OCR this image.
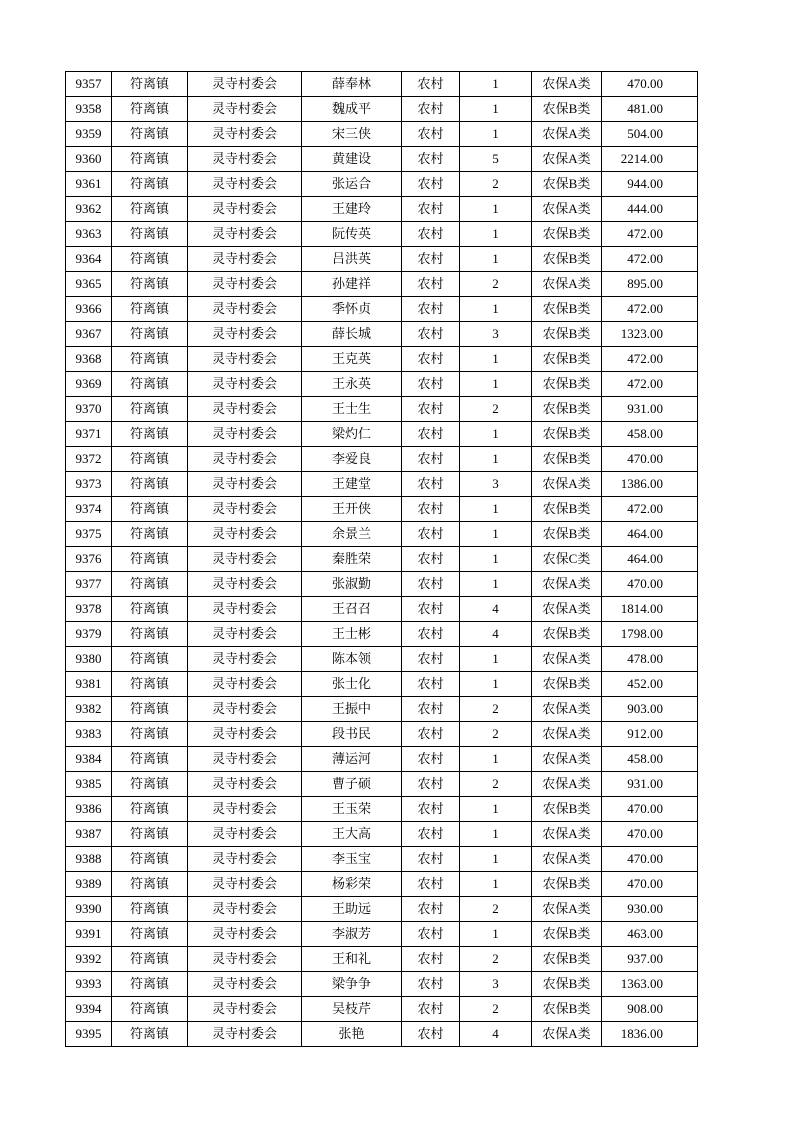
9357	符离镇	灵寺村委会	薛奉林	农村	1	农保A类	470.00
9358	符离镇	灵寺村委会	魏成平	农村	1	农保B类	481.00
9359	符离镇	灵寺村委会	宋三侠	农村	1	农保A类	504.00
9360	符离镇	灵寺村委会	黄建设	农村	5	农保A类	2214.00
9361	符离镇	灵寺村委会	张运合	农村	2	农保B类	944.00
9362	符离镇	灵寺村委会	王建玲	农村	1	农保A类	444.00
9363	符离镇	灵寺村委会	阮传英	农村	1	农保B类	472.00
9364	符离镇	灵寺村委会	吕洪英	农村	1	农保B类	472.00
9365	符离镇	灵寺村委会	孙建祥	农村	2	农保A类	895.00
9366	符离镇	灵寺村委会	季怀贞	农村	1	农保B类	472.00
9367	符离镇	灵寺村委会	薛长城	农村	3	农保B类	1323.00
9368	符离镇	灵寺村委会	王克英	农村	1	农保B类	472.00
9369	符离镇	灵寺村委会	王永英	农村	1	农保B类	472.00
9370	符离镇	灵寺村委会	王士生	农村	2	农保B类	931.00
9371	符离镇	灵寺村委会	梁灼仁	农村	1	农保B类	458.00
9372	符离镇	灵寺村委会	李爱良	农村	1	农保B类	470.00
9373	符离镇	灵寺村委会	王建堂	农村	3	农保A类	1386.00
9374	符离镇	灵寺村委会	王开侠	农村	1	农保B类	472.00
9375	符离镇	灵寺村委会	余景兰	农村	1	农保B类	464.00
9376	符离镇	灵寺村委会	秦胜荣	农村	1	农保C类	464.00
9377	符离镇	灵寺村委会	张淑勤	农村	1	农保A类	470.00
9378	符离镇	灵寺村委会	王召召	农村	4	农保A类	1814.00
9379	符离镇	灵寺村委会	王士彬	农村	4	农保B类	1798.00
9380	符离镇	灵寺村委会	陈本领	农村	1	农保A类	478.00
9381	符离镇	灵寺村委会	张士化	农村	1	农保B类	452.00
9382	符离镇	灵寺村委会	王振中	农村	2	农保A类	903.00
9383	符离镇	灵寺村委会	段书民	农村	2	农保A类	912.00
9384	符离镇	灵寺村委会	薄运河	农村	1	农保A类	458.00
9385	符离镇	灵寺村委会	曹子硕	农村	2	农保A类	931.00
9386	符离镇	灵寺村委会	王玉荣	农村	1	农保B类	470.00
9387	符离镇	灵寺村委会	王大高	农村	1	农保A类	470.00
9388	符离镇	灵寺村委会	李玉宝	农村	1	农保A类	470.00
9389	符离镇	灵寺村委会	杨彩荣	农村	1	农保B类	470.00
9390	符离镇	灵寺村委会	王助远	农村	2	农保A类	930.00
9391	符离镇	灵寺村委会	李淑芳	农村	1	农保B类	463.00
9392	符离镇	灵寺村委会	王和礼	农村	2	农保B类	937.00
9393	符离镇	灵寺村委会	梁争争	农村	3	农保B类	1363.00
9394	符离镇	灵寺村委会	吴枝芹	农村	2	农保B类	908.00
9395	符离镇	灵寺村委会	张艳	农村	4	农保A类	1836.00
